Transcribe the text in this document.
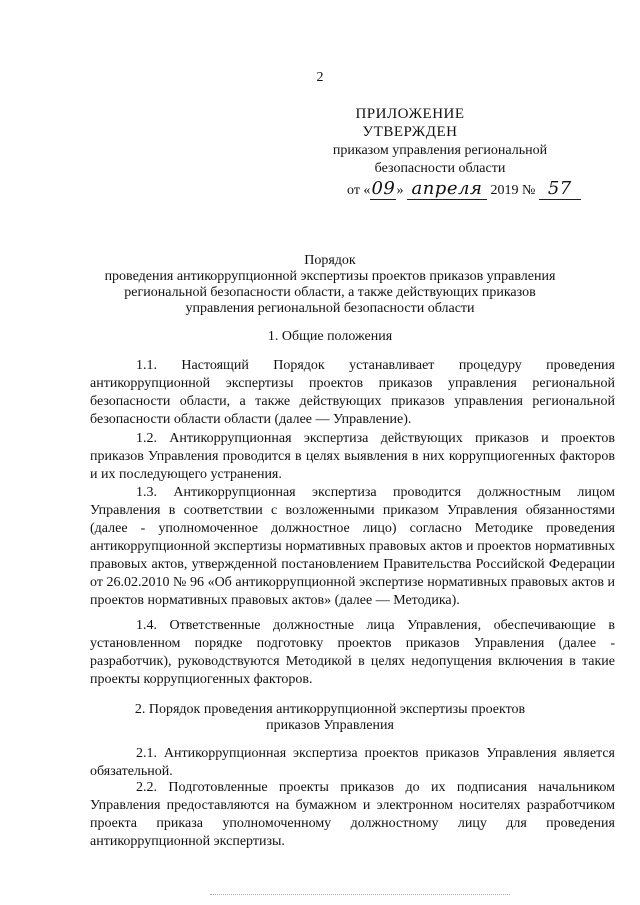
2
ПРИЛОЖЕНИЕ
УТВЕРЖДЕН
приказом управления региональной
безопасности области
от «09» апреля 2019 № 57
Порядок
проведения антикоррупционной экспертизы проектов приказов управления
региональной безопасности области, а также действующих приказов
управления региональной безопасности области
1. Общие положения
1.1. Настоящий Порядок устанавливает процедуру проведения антикоррупционной экспертизы проектов приказов управления региональной безопасности области, а также действующих приказов управления региональной безопасности области области (далее — Управление).
1.2. Антикоррупционная экспертиза действующих приказов и проектов приказов Управления проводится в целях выявления в них коррупциогенных факторов и их последующего устранения.
1.3. Антикоррупционная экспертиза проводится должностным лицом Управления в соответствии с возложенными приказом Управления обязанностями (далее - уполномоченное должностное лицо) согласно Методике проведения антикоррупционной экспертизы нормативных правовых актов и проектов нормативных правовых актов, утвержденной постановлением Правительства Российской Федерации от 26.02.2010 № 96 «Об антикоррупционной экспертизе нормативных правовых актов и проектов нормативных правовых актов» (далее — Методика).
1.4. Ответственные должностные лица Управления, обеспечивающие в установленном порядке подготовку проектов приказов Управления (далее - разработчик), руководствуются Методикой в целях недопущения включения в такие проекты коррупциогенных факторов.
2. Порядок проведения антикоррупционной экспертизы проектов
приказов Управления
2.1. Антикоррупционная экспертиза проектов приказов Управления является обязательной.
2.2. Подготовленные проекты приказов до их подписания начальником Управления предоставляются на бумажном и электронном носителях разработчиком проекта приказа уполномоченному должностному лицу для проведения антикоррупционной экспертизы.
